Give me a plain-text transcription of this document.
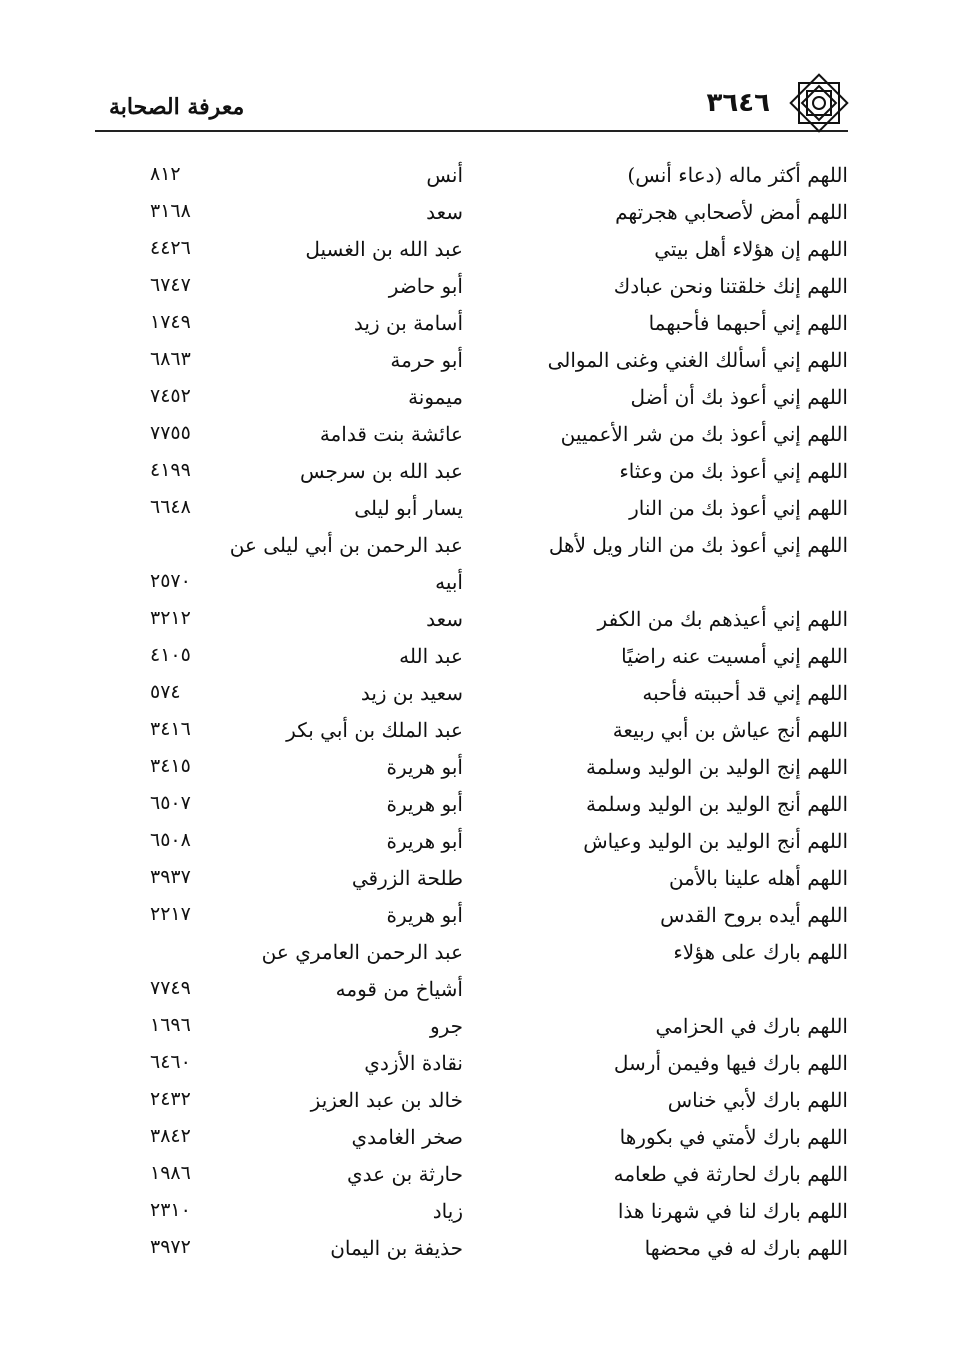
معرفة الصحابة	٣٦٤٦
اللهم أكثر ماله (دعاء أنس)
أنس
٨١٢
اللهم أمض لأصحابي هجرتهم
سعد
٣١٦٨
اللهم إن هؤلاء أهل بيتي
عبد الله بن الغسيل
٤٤٢٦
اللهم إنك خلقتنا ونحن عبادك
أبو حاضر
٦٧٤٧
اللهم إني أحبهما فأحبهما
أسامة بن زيد
١٧٤٩
اللهم إني أسألك الغني وغنى الموالى
أبو حرمة
٦٨٦٣
اللهم إني أعوذ بك أن أضل
ميمونة
٧٤٥٢
اللهم إني أعوذ بك من شر الأعميين
عائشة بنت قدامة
٧٧٥٥
اللهم إني أعوذ بك من وعثاء
عبد الله بن سرجس
٤١٩٩
اللهم إني أعوذ بك من النار
يسار أبو ليلى
٦٦٤٨
اللهم إني أعوذ بك من النار ويل لأهل
عبد الرحمن بن أبي ليلى عن
أبيه
٢٥٧٠
اللهم إني أعيذهم بك من الكفر
سعد
٣٢١٢
اللهم إني أمسيت عنه راضيًا
عبد الله
٤١٠٥
اللهم إني قد أحببته فأحبه
سعيد بن زيد
٥٧٤
اللهم أنج عياش بن أبي ربيعة
عبد الملك بن أبي بكر
٣٤١٦
اللهم إنج الوليد بن الوليد وسلمة
أبو هريرة
٣٤١٥
اللهم أنج الوليد بن الوليد وسلمة
أبو هريرة
٦٥٠٧
اللهم أنج الوليد بن الوليد وعياش
أبو هريرة
٦٥٠٨
اللهم أهله علينا بالأمن
طلحة الزرقي
٣٩٣٧
اللهم أيده بروح القدس
أبو هريرة
٢٢١٧
اللهم بارك على هؤلاء
عبد الرحمن العامري عن
أشياخ من قومه
٧٧٤٩
اللهم بارك في الحزامي
جرو
١٦٩٦
اللهم بارك فيها وفيمن أرسل
نقادة الأزدي
٦٤٦٠
اللهم بارك لأبي خناس
خالد بن عبد العزيز
٢٤٣٢
اللهم بارك لأمتي في بكورها
صخر الغامدي
٣٨٤٢
اللهم بارك لحارثة في طعامه
حارثة بن عدي
١٩٨٦
اللهم بارك لنا في شهرنا هذا
زياد
٢٣١٠
اللهم بارك له في محضها
حذيفة بن اليمان
٣٩٧٢
